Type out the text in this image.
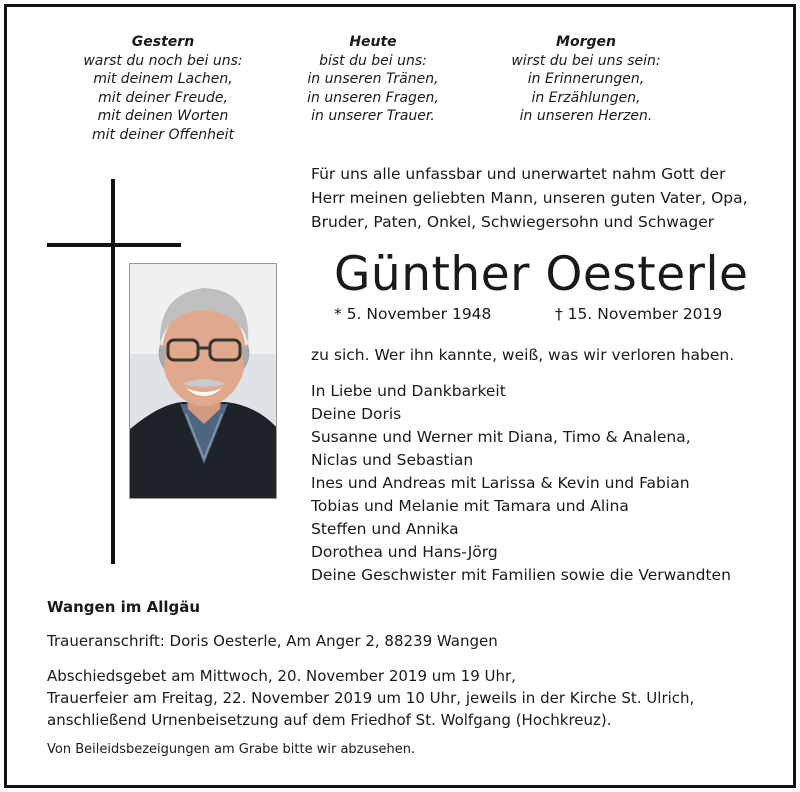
Gestern
warst du noch bei uns:
mit deinem Lachen,
mit deiner Freude,
mit deinen Worten
mit deiner Offenheit
Heute
bist du bei uns:
in unseren Tränen,
in unseren Fragen,
in unserer Trauer.
Morgen
wirst du bei uns sein:
in Erinnerungen,
in Erzählungen,
in unseren Herzen.
Für uns alle unfassbar und unerwartet nahm Gott der
Herr meinen geliebten Mann, unseren guten Vater, Opa,
Bruder, Paten, Onkel, Schwiegersohn und Schwager
Günther Oesterle
* 5. November 1948	† 15. November 2019
zu sich. Wer ihn kannte, weiß, was wir verloren haben.
In Liebe und Dankbarkeit
Deine Doris
Susanne und Werner mit Diana, Timo & Analena,
Niclas und Sebastian
Ines und Andreas mit Larissa & Kevin und Fabian
Tobias und Melanie mit Tamara und Alina
Steffen und Annika
Dorothea und Hans-Jörg
Deine Geschwister mit Familien sowie die Verwandten
Wangen im Allgäu
Traueranschrift: Doris Oesterle, Am Anger 2, 88239 Wangen
Abschiedsgebet am Mittwoch, 20. November 2019 um 19 Uhr,
Trauerfeier am Freitag, 22. November 2019 um 10 Uhr, jeweils in der Kirche St. Ulrich,
anschließend Urnenbeisetzung auf dem Friedhof St. Wolfgang (Hochkreuz).
Von Beileidsbezeigungen am Grabe bitte wir abzusehen.
